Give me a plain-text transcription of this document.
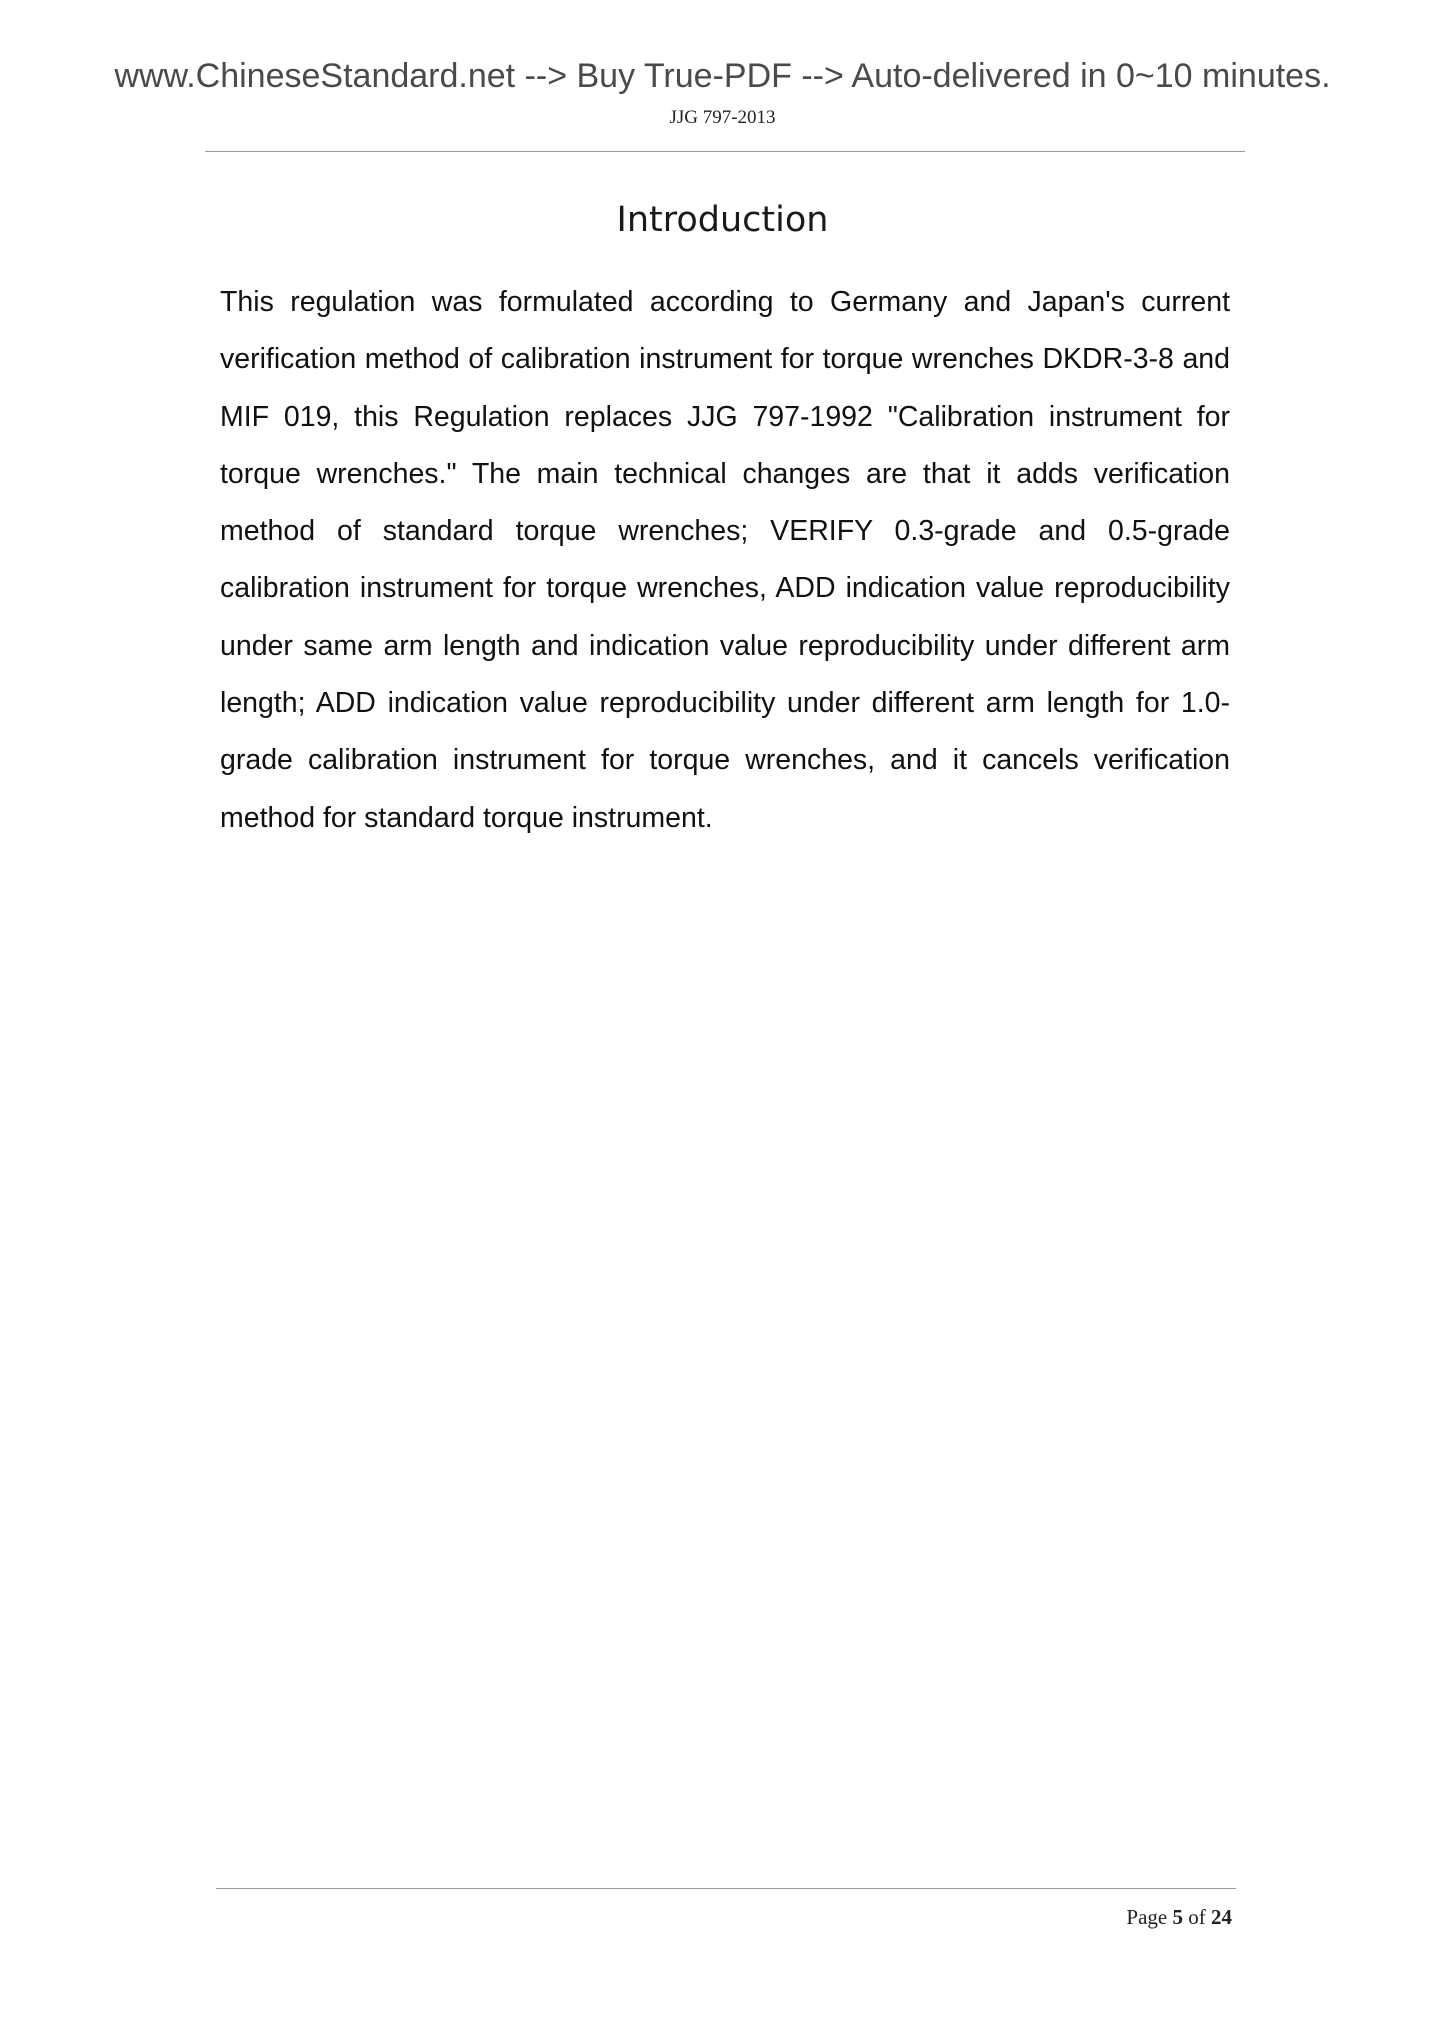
www.ChineseStandard.net --> Buy True-PDF --> Auto-delivered in 0~10 minutes.
JJG 797-2013
Introduction

This regulation was formulated according to Germany and Japan's current verification method of calibration instrument for torque wrenches DKDR-3-8 and MIF 019, this Regulation replaces JJG 797-1992 "Calibration instrument for torque wrenches." The main technical changes are that it adds verification method of standard torque wrenches; VERIFY 0.3-grade and 0.5-grade calibration instrument for torque wrenches, ADD indication value reproducibility under same arm length and indication value reproducibility under different arm length; ADD indication value reproducibility under different arm length for 1.0-grade calibration instrument for torque wrenches, and it cancels verification method for standard torque instrument.

Page 5 of 24
